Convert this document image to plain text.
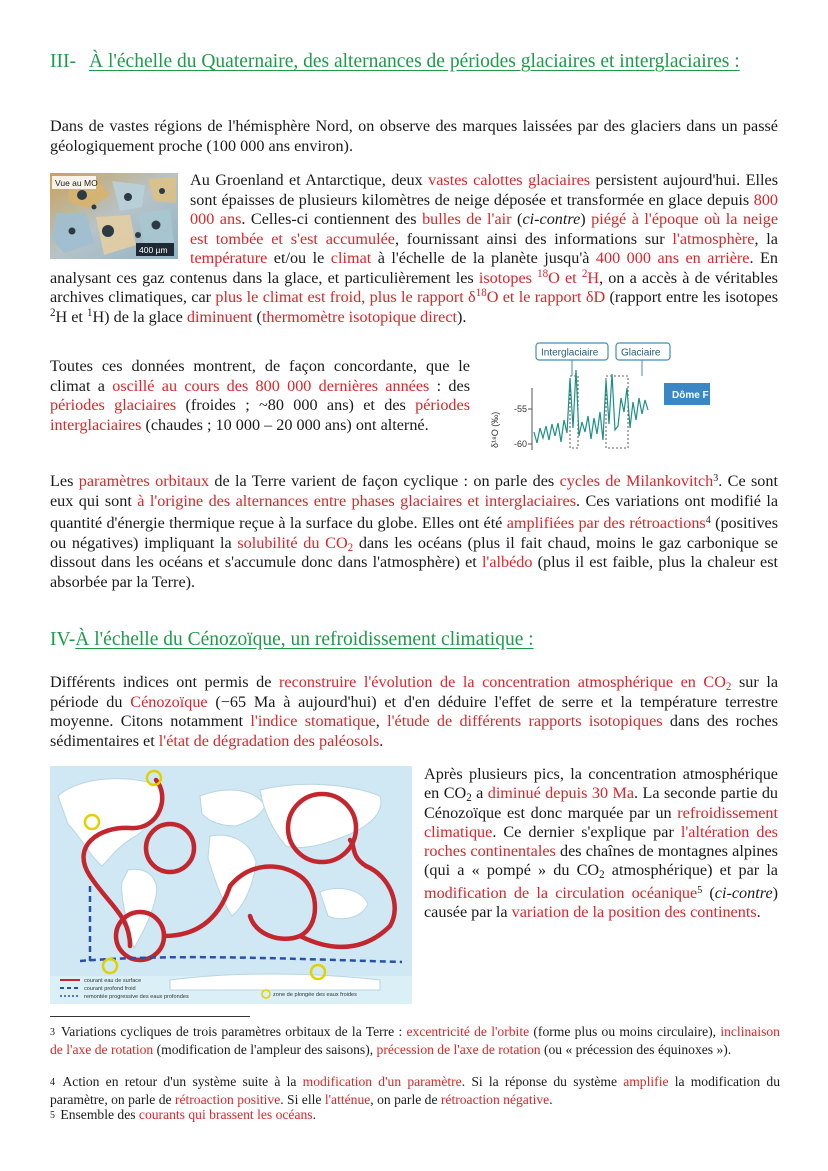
III- À l'échelle du Quaternaire, des alternances de périodes glaciaires et interglaciaires :
Dans de vastes régions de l'hémisphère Nord, on observe des marques laissées par des glaciers dans un passé géologiquement proche (100 000 ans environ).
Vue au MO
400 µm
Au Groenland et Antarctique, deux vastes calottes glaciaires persistent aujourd'hui. Elles sont épaisses de plusieurs kilomètres de neige déposée et transformée en glace depuis 800 000 ans. Celles-ci contiennent des bulles de l'air (ci-contre) piégé à l'époque où la neige est tombée et s'est accumulée, fournissant ainsi des informations sur l'atmosphère, la température et/ou le climat à l'échelle de la planète jusqu'à 400 000 ans en arrière. En analysant ces gaz contenus dans la glace, et particulièrement les isotopes $^{18}$O et $^2$H, on a accès à de véritables archives climatiques, car plus le climat est froid, plus le rapport $\delta^{18}O$ et le rapport δD (rapport entre les isotopes $^2$H et $^1$H) de la glace diminuent (thermomètre isotopique direct).
Toutes ces données montrent, de façon concordante, que le climat a oscillé au cours des 800 000 dernières années : des périodes glaciaires (froides ; ~80 000 ans) et des périodes interglaciaires (chaudes ; 10 000 – 20 000 ans) ont alterné.
Interglaciaire Glaciaire
Dôme F
-55
-60
δ¹⁸O (‰)
Les paramètres orbitaux de la Terre varient de façon cyclique : on parle des cycles de Milankovitch$^3$. Ce sont eux qui sont à l'origine des alternances entre phases glaciaires et interglaciaires. Ces variations ont modifié la quantité d'énergie thermique reçue à la surface du globe. Elles ont été amplifiées par des rétroactions$^4$ (positives ou négatives) impliquant la solubilité du $CO_2$ dans les océans (plus il fait chaud, moins le gaz carbonique se dissout dans les océans et s'accumule donc dans l'atmosphère) et l'albédo (plus il est faible, plus la chaleur est absorbée par la Terre).
IV-À l'échelle du Cénozoïque, un refroidissement climatique :
Différents indices ont permis de reconstruire l'évolution de la concentration atmosphérique en $CO_2$ sur la période du Cénozoïque (−65 Ma à aujourd'hui) et d'en déduire l'effet de serre et la température terrestre moyenne. Citons notamment l'indice stomatique, l'étude de différents rapports isotopiques dans des roches sédimentaires et l'état de dégradation des paléosols.
courant eau de surface
courant profond froid
remontée progressive des eaux profondes	zone de plongée des eaux froides
Après plusieurs pics, la concentration atmosphérique en $CO_2$ a diminué depuis 30 Ma. La seconde partie du Cénozoïque est donc marquée par un refroidissement climatique. Ce dernier s'explique par l'altération des roches continentales des chaînes de montagnes alpines (qui a « pompé » du $CO_2$ atmosphérique) et par la modification de la circulation océanique$^5$ (ci-contre) causée par la variation de la position des continents.
3 Variations cycliques de trois paramètres orbitaux de la Terre : excentricité de l'orbite (forme plus ou moins circulaire), inclinaison de l'axe de rotation (modification de l'ampleur des saisons), précession de l'axe de rotation (ou « précession des équinoxes »).
4 Action en retour d'un système suite à la modification d'un paramètre. Si la réponse du système amplifie la modification du paramètre, on parle de rétroaction positive. Si elle l'atténue, on parle de rétroaction négative.
5 Ensemble des courants qui brassent les océans.
